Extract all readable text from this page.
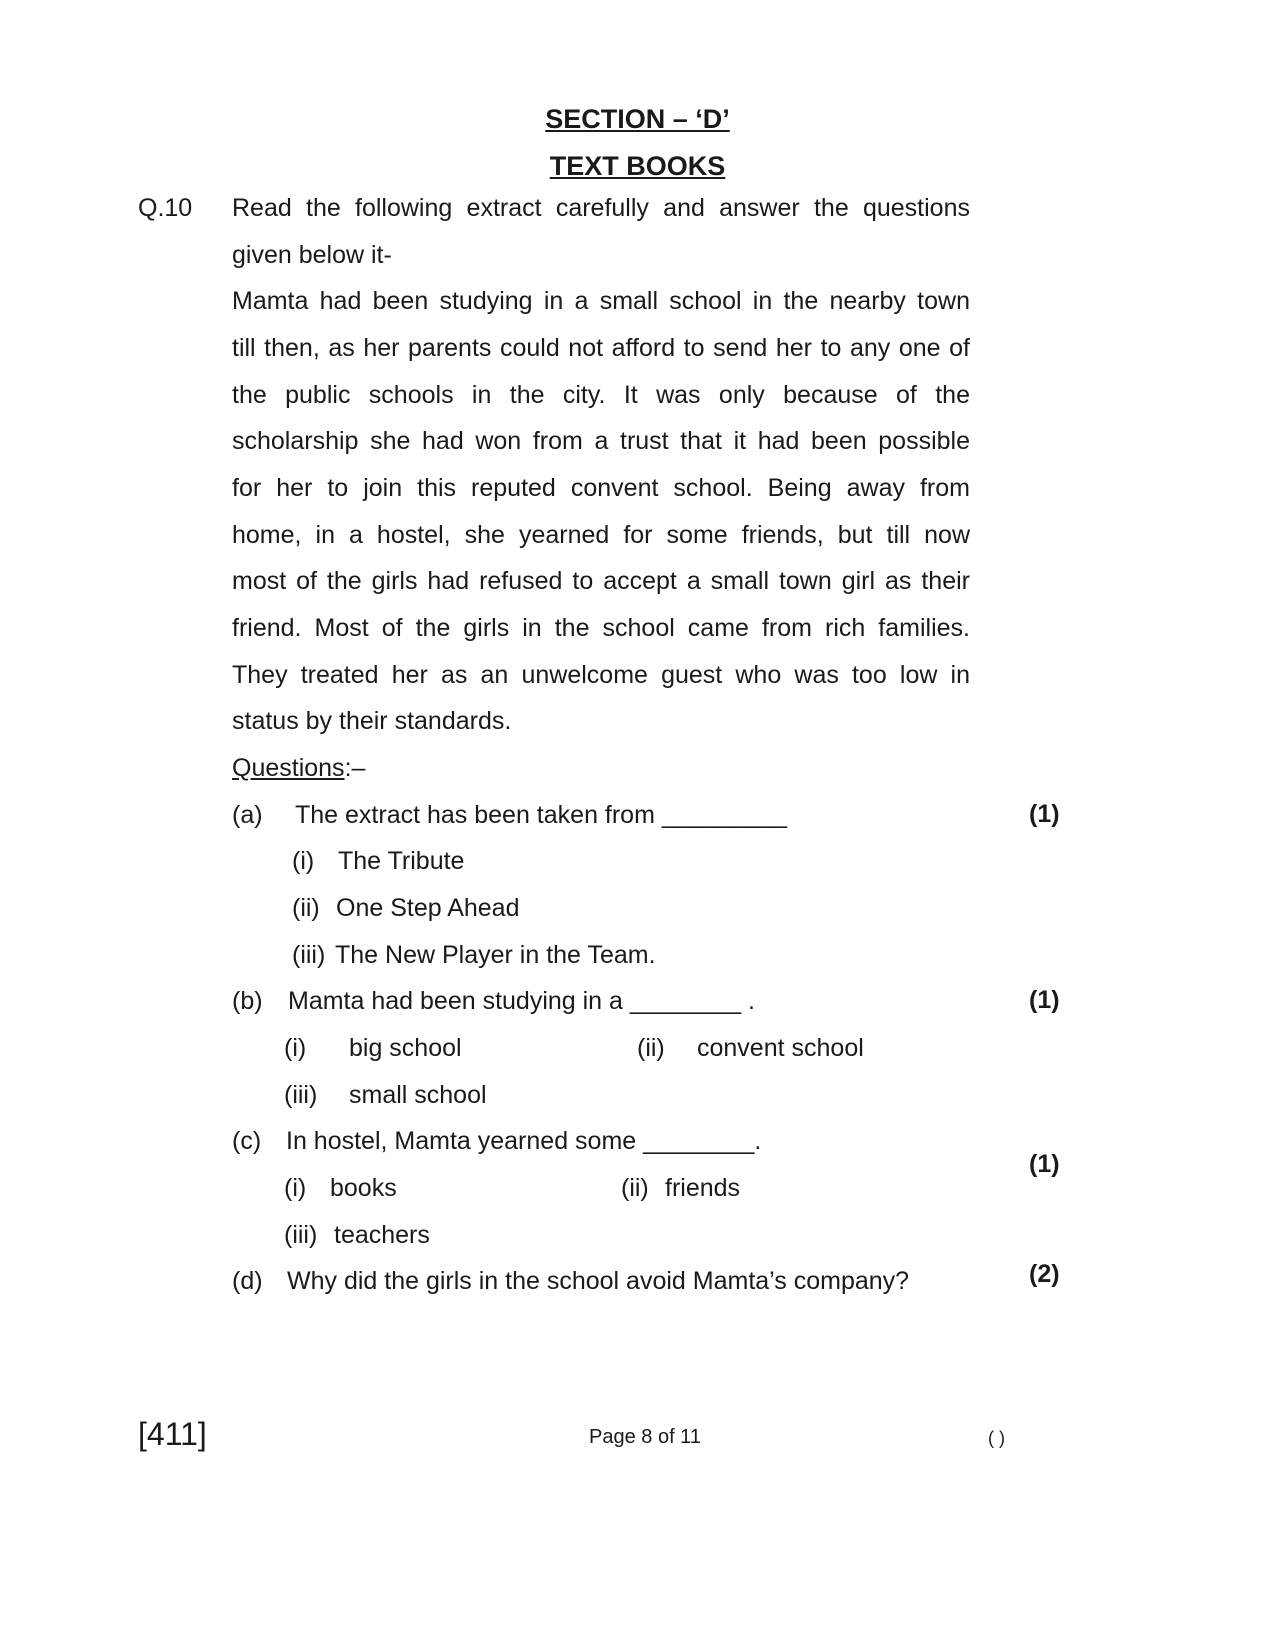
SECTION – ‘D’
TEXT BOOKS
Q.10 Read the following extract carefully and answer the questions
given below it-
Mamta had been studying in a small school in the nearby town
till then, as her parents could not afford to send her to any one of
the public schools in the city. It was only because of the
scholarship she had won from a trust that it had been possible
for her to join this reputed convent school. Being away from
home, in a hostel, she yearned for some friends, but till now
most of the girls had refused to accept a small town girl as their
friend. Most of the girls in the school came from rich families.
They treated her as an unwelcome guest who was too low in
status by their standards.
Questions:–
(a) The extract has been taken from _________	(1)
(i) The Tribute
(ii) One Step Ahead
(iii) The New Player in the Team.
(b) Mamta had been studying in a ________ .	(1)
(i) big school	(ii) convent school
(iii) small school
(c) In hostel, Mamta yearned some ________.
(1)
(i) books	(ii) friends
(iii) teachers
(d) Why did the girls in the school avoid Mamta’s company?	(2)
[411]	Page 8 of 11	( )
